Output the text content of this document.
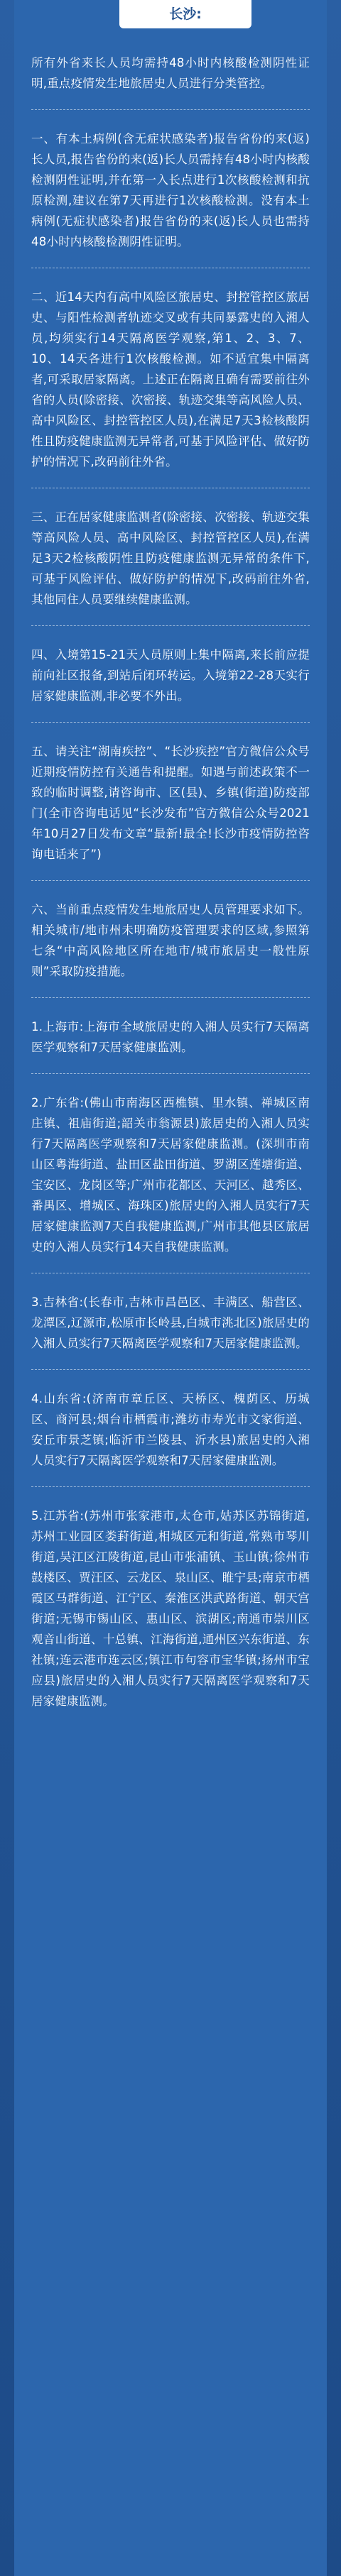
长沙:

所有外省来长人员均需持48小时内核酸检测阴性证明,重点疫情发生地旅居史人员进行分类管控。

一、有本土病例(含无症状感染者)报告省份的来(返)长人员,报告省份的来(返)长人员需持有48小时内核酸检测阴性证明,并在第一入长点进行1次核酸检测和抗原检测,建议在第7天再进行1次核酸检测。没有本土病例(无症状感染者)报告省份的来(返)长人员也需持48小时内核酸检测阴性证明。

二、近14天内有高中风险区旅居史、封控管控区旅居史、与阳性检测者轨迹交叉或有共同暴露史的入湘人员,均须实行14天隔离医学观察,第1、2、3、7、10、14天各进行1次核酸检测。如不适宜集中隔离者,可采取居家隔离。上述正在隔离且确有需要前往外省的人员(除密接、次密接、轨迹交集等高风险人员、高中风险区、封控管控区人员),在满足7天3检核酸阴性且防疫健康监测无异常者,可基于风险评估、做好防护的情况下,改码前往外省。

三、正在居家健康监测者(除密接、次密接、轨迹交集等高风险人员、高中风险区、封控管控区人员),在满足3天2检核酸阴性且防疫健康监测无异常的条件下,可基于风险评估、做好防护的情况下,改码前往外省,其他同住人员要继续健康监测。

四、入境第15-21天人员原则上集中隔离,来长前应提前向社区报备,到站后闭环转运。入境第22-28天实行居家健康监测,非必要不外出。

五、请关注“湖南疾控”、“长沙疾控”官方微信公众号近期疫情防控有关通告和提醒。如遇与前述政策不一致的临时调整,请咨询市、区(县)、乡镇(街道)防疫部门(全市咨询电话见“长沙发布”官方微信公众号2021年10月27日发布文章“最新!最全!长沙市疫情防控咨询电话来了”)

六、当前重点疫情发生地旅居史人员管理要求如下。相关城市/地市州未明确防疫管理要求的区域,参照第七条“中高风险地区所在地市/城市旅居史一般性原则”采取防疫措施。

1.上海市:上海市全域旅居史的入湘人员实行7天隔离医学观察和7天居家健康监测。

2.广东省:(佛山市南海区西樵镇、里水镇、禅城区南庄镇、祖庙街道;韶关市翁源县)旅居史的入湘人员实行7天隔离医学观察和7天居家健康监测。(深圳市南山区粤海街道、盐田区盐田街道、罗湖区莲塘街道、宝安区、龙岗区等;广州市花都区、天河区、越秀区、番禺区、增城区、海珠区)旅居史的入湘人员实行7天居家健康监测7天自我健康监测,广州市其他县区旅居史的入湘人员实行14天自我健康监测。

3.吉林省:(长春市,吉林市昌邑区、丰满区、船营区、龙潭区,辽源市,松原市长岭县,白城市洮北区)旅居史的入湘人员实行7天隔离医学观察和7天居家健康监测。

4.山东省:(济南市章丘区、天桥区、槐荫区、历城区、商河县;烟台市栖霞市;潍坊市寿光市文家街道、安丘市景芝镇;临沂市兰陵县、沂水县)旅居史的入湘人员实行7天隔离医学观察和7天居家健康监测。

5.江苏省:(苏州市张家港市,太仓市,姑苏区苏锦街道,苏州工业园区娄葑街道,相城区元和街道,常熟市琴川街道,吴江区江陵街道,昆山市张浦镇、玉山镇;徐州市鼓楼区、贾汪区、云龙区、泉山区、睢宁县;南京市栖霞区马群街道、江宁区、秦淮区洪武路街道、朝天宫街道;无锡市锡山区、惠山区、滨湖区;南通市崇川区观音山街道、十总镇、江海街道,通州区兴东街道、东社镇;连云港市连云区;镇江市句容市宝华镇;扬州市宝应县)旅居史的入湘人员实行7天隔离医学观察和7天居家健康监测。
